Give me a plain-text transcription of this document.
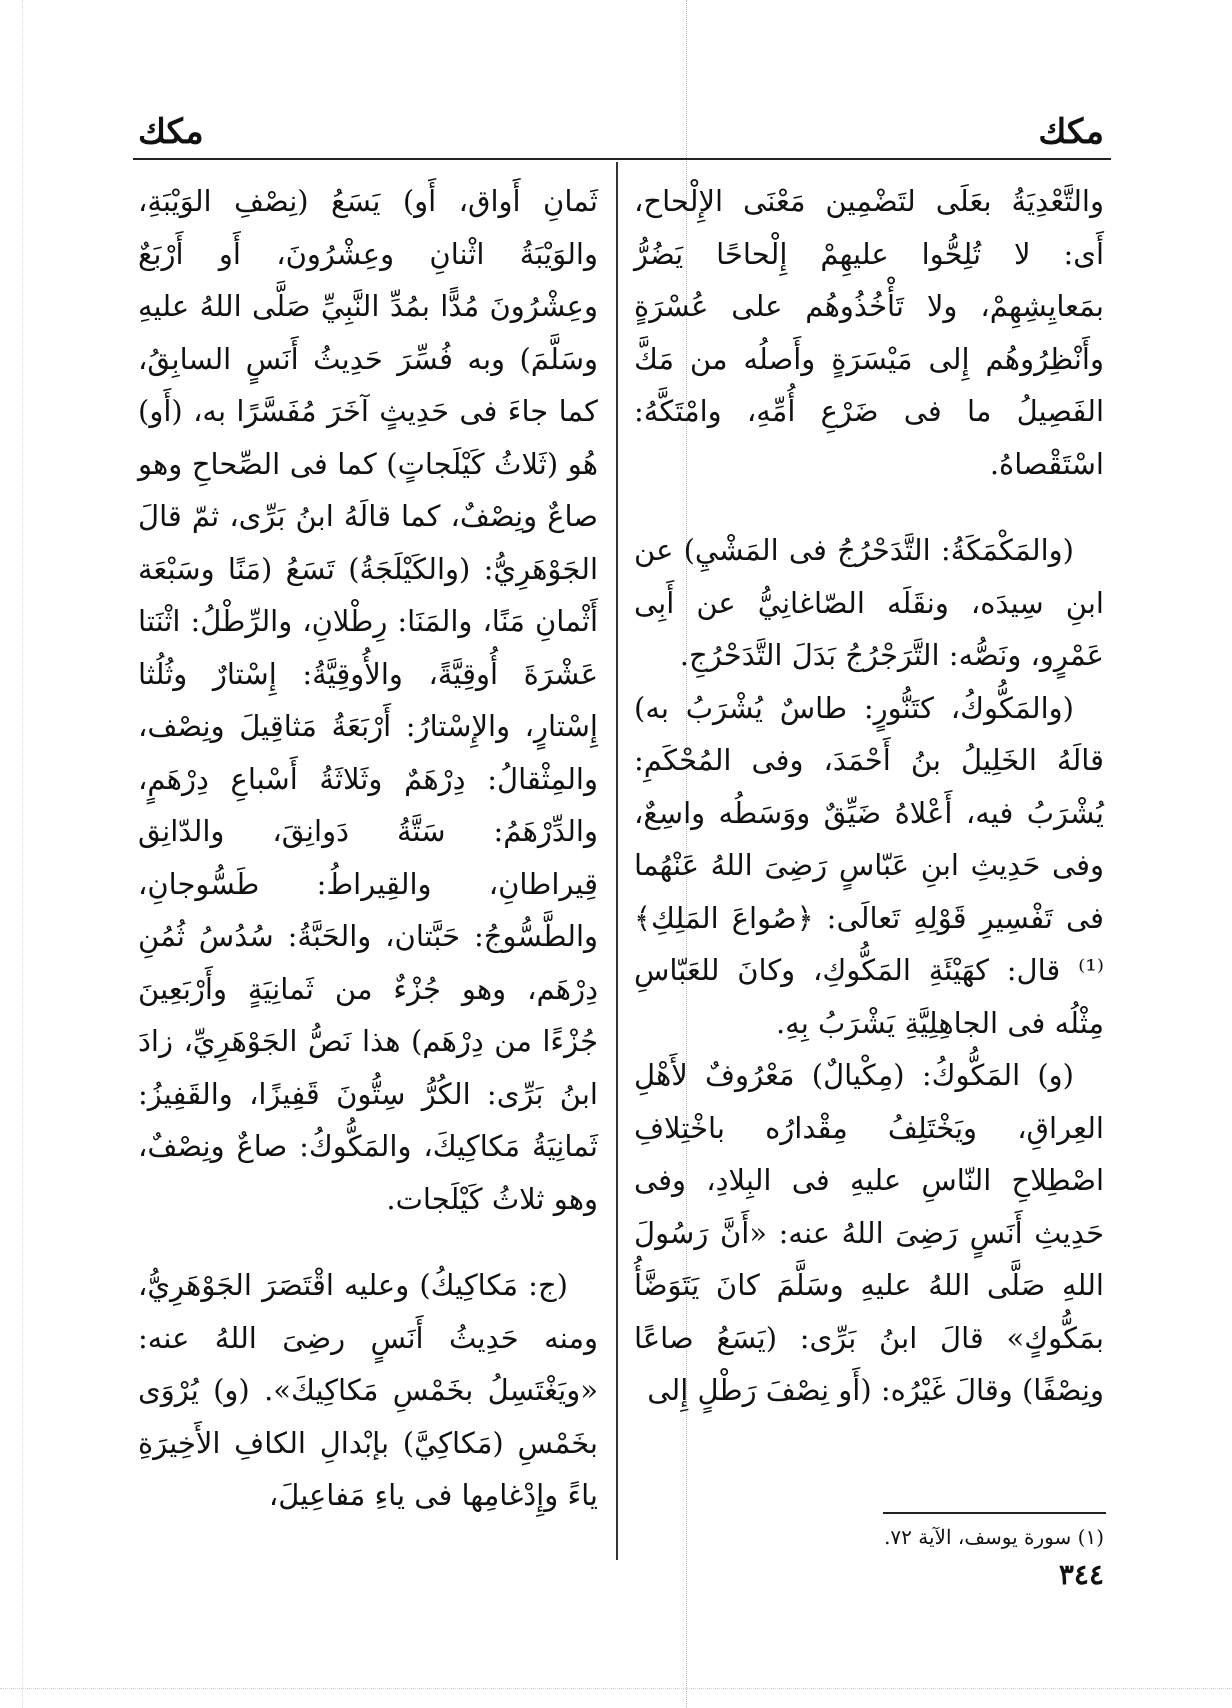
مكك
مكك

والتَّعْدِيَةُ بعَلَى لتَضْمِين مَعْنَى الإِلْحاح، أَى: لا تُلِحُّوا عليهِمْ إِلْحاحًا يَضُرُّ بمَعايِشِهِمْ، ولا تَأْخُذُوهُم على عُسْرَةٍ وأَنْظِرُوهُم إِلى مَيْسَرَةٍ وأَصلُه من مَكَّ الفَصِيلُ ما فى ضَرْعِ أُمِّهِ، وامْتَكَّهُ: اسْتَقْصاهُ.

(والمَكْمَكَةُ: التَّدَحْرُجُ فى المَشْيِ) عن ابنِ سِيدَه، ونقَلَه الصّاغانِيُّ عن أَبِى عَمْرٍو، ونَصُّه: التَّرَجْرُجُ بَدَلَ التَّدَحْرُجِ.

(والمَكُّوكُ، كتَنُّورٍ: طاسٌ يُشْرَبُ به) قالَهُ الخَلِيلُ بنُ أَحْمَدَ، وفى المُحْكَمِ: يُشْرَبُ فيه، أَعْلاهُ ضَيِّقٌ ووَسَطُه واسِعٌ، وفى حَدِيثِ ابنِ عَبّاسٍ رَضِىَ اللهُ عَنْهُما فى تَفْسِيرِ قَوْلِهِ تَعالَى: ﴿صُواعَ المَلِكِ﴾⁽¹⁾ قال: كهَيْئَةِ المَكُّوكِ، وكانَ للعَبّاسِ مِثْلُه فى الجاهِلِيَّةِ يَشْرَبُ بِهِ.

(و) المَكُّوكُ: (مِكْيالٌ) مَعْرُوفٌ لأَهْلِ العِراقِ، ويَخْتَلِفُ مِقْدارُه باخْتِلافِ اصْطِلاحِ النّاسِ عليهِ فى البِلادِ، وفى حَدِيثِ أَنَسٍ رَضِىَ اللهُ عنه: «أَنَّ رَسُولَ اللهِ صَلَّى اللهُ عليهِ وسَلَّمَ كانَ يَتَوَضَّأُ بمَكُّوكٍ» قالَ ابنُ بَرِّى: (يَسَعُ صاعًا ونِصْفًا) وقالَ غَيْرُه: (أَو نِصْفَ رَطْلٍ إِلى

ثَمانِ أَواق، أَو) يَسَعُ (نِصْفِ الوَيْبَةِ، والوَيْبَةُ اثْنانِ وعِشْرُونَ، أَو أَرْبَعٌ وعِشْرُونَ مُدًّا بمُدِّ النَّبِيِّ صَلَّى اللهُ عليهِ وسَلَّمَ) وبه فُسِّرَ حَدِيثُ أَنَسٍ السابِقُ، كما جاءَ فى حَدِيثٍ آخَرَ مُفَسَّرًا به، (أَو) هُو (ثَلاثُ كَيْلَجاتٍ) كما فى الصِّحاحِ وهو صاعٌ ونِصْفٌ، كما قالَهُ ابنُ بَرِّى، ثمّ قالَ الجَوْهَرِيُّ: (والكَيْلَجَةُ) تَسَعُ (مَنًا وسَبْعَة أَثْمانِ مَنًا، والمَنَا: رِطْلانِ، والرِّطْلُ: اثْنَتا عَشْرَةَ أُوقِيَّةً، والأُوقِيَّةُ: إِسْتارٌ وثُلُثا إِسْتارٍ، والإِسْتارُ: أَرْبَعَةُ مَثاقِيلَ ونِصْف، والمِثْقالُ: دِرْهَمٌ وثَلاثَةُ أَسْباعِ دِرْهَمٍ، والدِّرْهَمُ: سَتَّةُ دَوانِقَ، والدّانِق قِيراطانِ، والقِيراطُ: طَسُّوجانِ، والطَّسُّوجُ: حَبَّتان، والحَبَّةُ: سُدُسُ ثُمُنِ دِرْهَم، وهو جُزْءٌ من ثَمانِيَةٍ وأَرْبَعِينَ جُزْءًا من دِرْهَم) هذا نَصُّ الجَوْهَرِيِّ، زادَ ابنُ بَرِّى: الكُرُّ سِتُّونَ قَفِيزًا، والقَفِيزُ: ثَمانِيَةُ مَكاكِيكَ، والمَكُّوكُ: صاعٌ ونِصْفٌ، وهو ثلاثُ كَيْلَجات.

(ج: مَكاكِيكُ) وعليه اقْتَصَرَ الجَوْهَرِيُّ، ومنه حَدِيثُ أَنَسٍ رضِىَ اللهُ عنه: «ويَغْتَسِلُ بخَمْسِ مَكاكِيكَ». (و) يُرْوَى بخَمْسِ (مَكاكِيَّ) بإبْدالِ الكافِ الأَخِيرَةِ ياءً وإِدْغامِها فى ياءِ مَفاعِيلَ،

(١) سورة يوسف، الآية ٧٢.
٣٤٤
